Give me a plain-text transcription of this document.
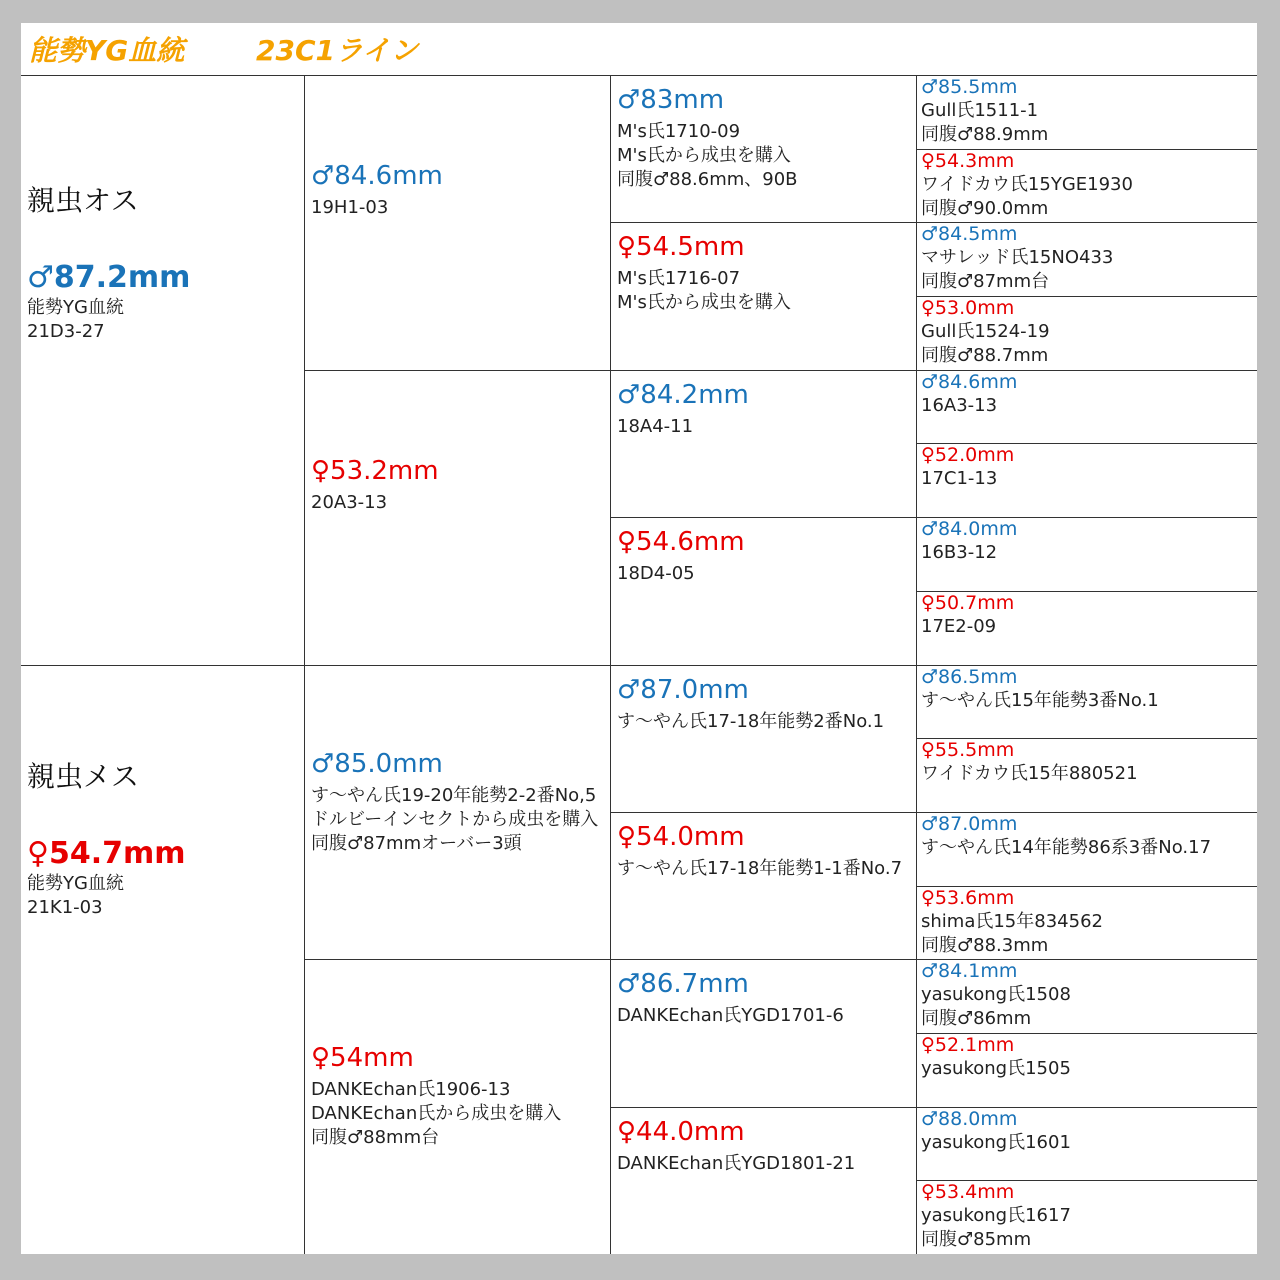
能勢YG血統	23C1ライン
親虫オス
♂87.2mm
能勢YG血統
21D3-27
親虫メス
♀54.7mm
能勢YG血統
21K1-03
♂84.6mm
19H1-03
♀53.2mm
20A3-13
♂85.0mm
す～やん氏19-20年能勢2-2番No,5
ドルビーインセクトから成虫を購入
同腹♂87mmオーバー3頭
♀54mm
DANKEchan氏1906-13
DANKEchan氏から成虫を購入
同腹♂88mm台
♂83mm
M's氏1710-09
M's氏から成虫を購入
同腹♂88.6mm、90B
♀54.5mm
M's氏1716-07
M's氏から成虫を購入
♂84.2mm
18A4-11
♀54.6mm
18D4-05
♂87.0mm
す～やん氏17-18年能勢2番No.1
♀54.0mm
す～やん氏17-18年能勢1-1番No.7
♂86.7mm
DANKEchan氏YGD1701-6
♀44.0mm
DANKEchan氏YGD1801-21
♂85.5mm
Gull氏1511-1
同腹♂88.9mm
♀54.3mm
ワイドカウ氏15YGE1930
同腹♂90.0mm
♂84.5mm
マサレッド氏15NO433
同腹♂87mm台
♀53.0mm
Gull氏1524-19
同腹♂88.7mm
♂84.6mm
16A3-13
♀52.0mm
17C1-13
♂84.0mm
16B3-12
♀50.7mm
17E2-09
♂86.5mm
す～やん氏15年能勢3番No.1
♀55.5mm
ワイドカウ氏15年880521
♂87.0mm
す～やん氏14年能勢86系3番No.17
♀53.6mm
shima氏15年834562
同腹♂88.3mm
♂84.1mm
yasukong氏1508
同腹♂86mm
♀52.1mm
yasukong氏1505
♂88.0mm
yasukong氏1601
♀53.4mm
yasukong氏1617
同腹♂85mm
